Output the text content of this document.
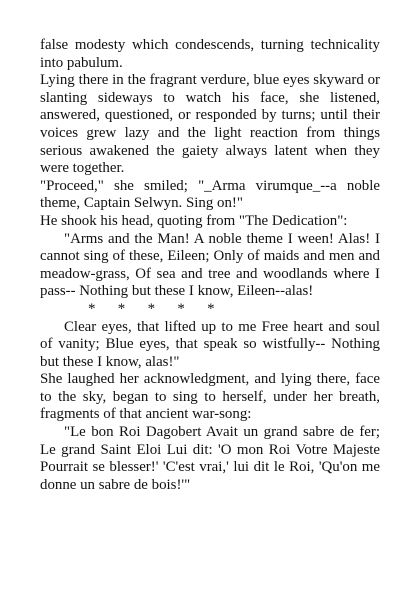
false modesty which condescends, turning technicality into pabulum.

Lying there in the fragrant verdure, blue eyes skyward or slanting sideways to watch his face, she listened, answered, questioned, or responded by turns; until their voices grew lazy and the light reaction from things serious awakened the gaiety always latent when they were together.

"Proceed," she smiled; "_Arma virumque_--a noble theme, Captain Selwyn. Sing on!"

He shook his head, quoting from "The Dedication":

"Arms and the Man! A noble theme I ween! Alas! I cannot sing of these, Eileen; Only of maids and men and meadow-grass, Of sea and tree and woodlands where I pass-- Nothing but these I know, Eileen--alas!

*      *      *      *      *

Clear eyes, that lifted up to me Free heart and soul of vanity; Blue eyes, that speak so wistfully-- Nothing but these I know, alas!"

She laughed her acknowledgment, and lying there, face to the sky, began to sing to herself, under her breath, fragments of that ancient war-song:

"Le bon Roi Dagobert Avait un grand sabre de fer; Le grand Saint Eloi Lui dit: 'O mon Roi Votre Majeste Pourrait se blesser!' 'C'est vrai,' lui dit le Roi, 'Qu'on me donne un sabre de bois!'"
